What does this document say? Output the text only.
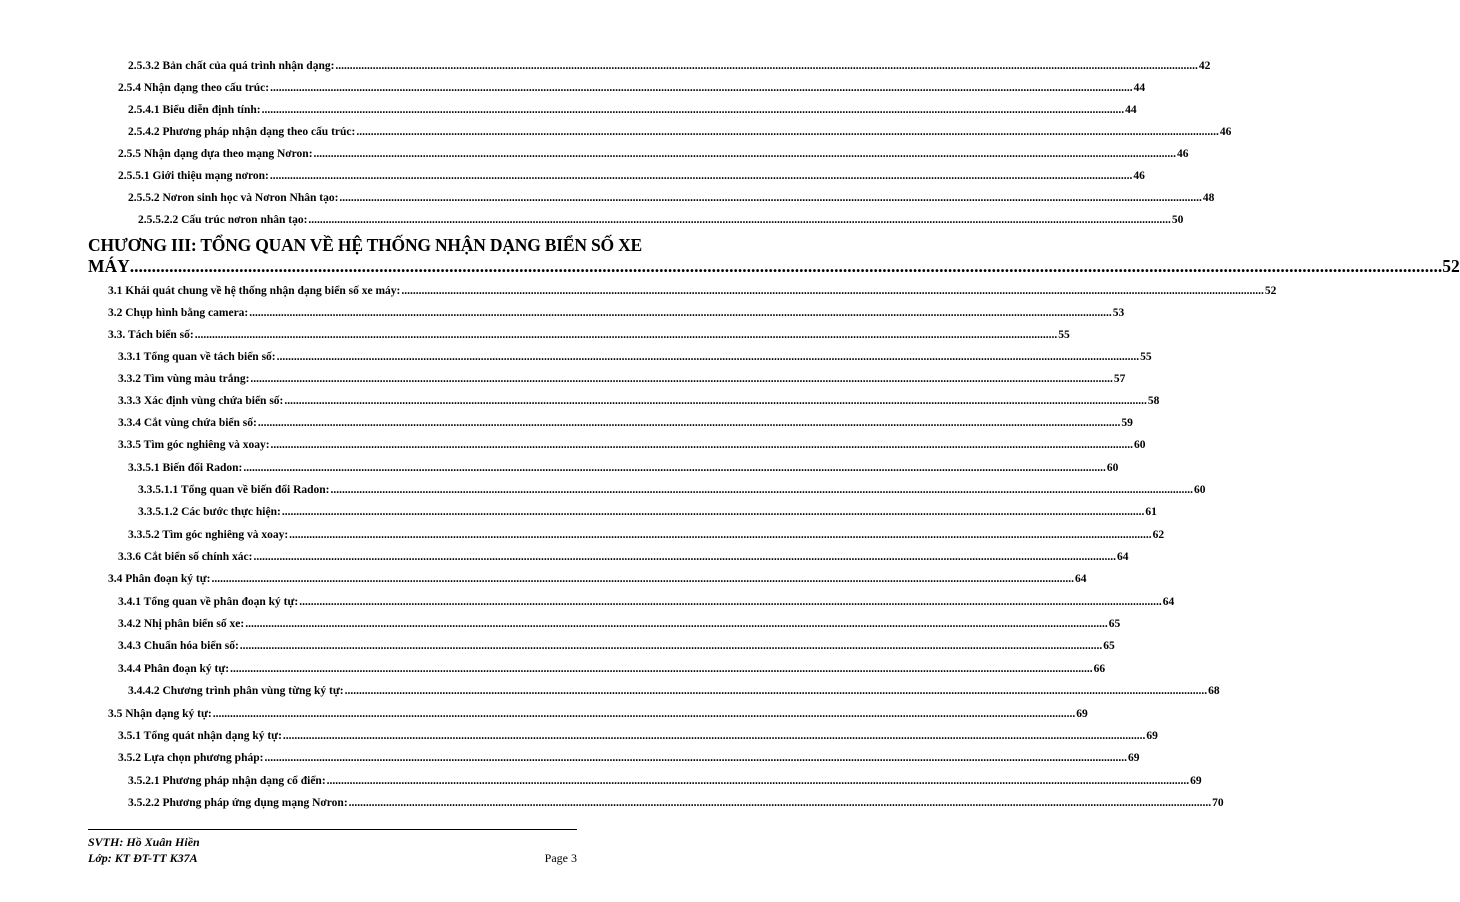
2.5.3.2 Bản chất của quá trình nhận dạng: ............................................................................................................................................................................................................................................................................................................ 42
2.5.4 Nhận dạng theo cấu trúc: ............................................................................................................................................................................................................................................................................................................ 44
2.5.4.1 Biểu diễn định tính: ............................................................................................................................................................................................................................................................................................................ 44
2.5.4.2 Phương pháp nhận dạng theo cấu trúc: ............................................................................................................................................................................................................................................................................................................ 46
2.5.5 Nhận dạng dựa theo mạng Nơron: ............................................................................................................................................................................................................................................................................................................ 46
2.5.5.1 Giới thiệu mạng nơron: ............................................................................................................................................................................................................................................................................................................ 46
2.5.5.2 Nơron sinh học và Nơron Nhân tạo: ............................................................................................................................................................................................................................................................................................................ 48
2.5.5.2.2 Cấu trúc nơron nhân tạo: ............................................................................................................................................................................................................................................................................................................ 50
CHƯƠNG III: TỔNG QUAN VỀ HỆ THỐNG NHẬN DẠNG BIỂN SỐ XE
MÁY ............................................................................................................................................................................................................................................................................................................ 52
3.1 Khái quát chung về hệ thống nhận dạng biển số xe máy: ............................................................................................................................................................................................................................................................................................................ 52
3.2 Chụp hình bằng camera: ............................................................................................................................................................................................................................................................................................................ 53
3.3. Tách biển số: ............................................................................................................................................................................................................................................................................................................ 55
3.3.1 Tổng quan về tách biển số: ............................................................................................................................................................................................................................................................................................................ 55
3.3.2 Tìm vùng màu trắng: ............................................................................................................................................................................................................................................................................................................ 57
3.3.3 Xác định vùng chứa biển số: ............................................................................................................................................................................................................................................................................................................ 58
3.3.4 Cắt vùng chứa biển số: ............................................................................................................................................................................................................................................................................................................ 59
3.3.5 Tìm góc nghiêng và xoay: ............................................................................................................................................................................................................................................................................................................ 60
3.3.5.1 Biến đổi Radon: ............................................................................................................................................................................................................................................................................................................ 60
3.3.5.1.1 Tổng quan về biến đổi Radon: ............................................................................................................................................................................................................................................................................................................ 60
3.3.5.1.2 Các bước thực hiện: ............................................................................................................................................................................................................................................................................................................ 61
3.3.5.2 Tìm góc nghiêng và xoay: ............................................................................................................................................................................................................................................................................................................ 62
3.3.6 Cắt biển số chính xác: ............................................................................................................................................................................................................................................................................................................ 64
3.4 Phân đoạn ký tự: ............................................................................................................................................................................................................................................................................................................ 64
3.4.1 Tổng quan về phân đoạn ký tự: ............................................................................................................................................................................................................................................................................................................ 64
3.4.2 Nhị phân biển số xe: ............................................................................................................................................................................................................................................................................................................ 65
3.4.3 Chuẩn hóa biển số: ............................................................................................................................................................................................................................................................................................................ 65
3.4.4 Phân đoạn ký tự: ............................................................................................................................................................................................................................................................................................................ 66
3.4.4.2 Chương trình phân vùng từng ký tự: ............................................................................................................................................................................................................................................................................................................ 68
3.5 Nhận dạng ký tự: ............................................................................................................................................................................................................................................................................................................ 69
3.5.1 Tổng quát nhận dạng ký tự: ............................................................................................................................................................................................................................................................................................................ 69
3.5.2 Lựa chọn phương pháp: ............................................................................................................................................................................................................................................................................................................ 69
3.5.2.1 Phương pháp nhận dạng cổ điển: ............................................................................................................................................................................................................................................................................................................ 69
3.5.2.2 Phương pháp ứng dụng mạng Nơron: ............................................................................................................................................................................................................................................................................................................ 70
SVTH: Hồ Xuân Hiền
Lớp: KT ĐT-TT K37A	Page 3
